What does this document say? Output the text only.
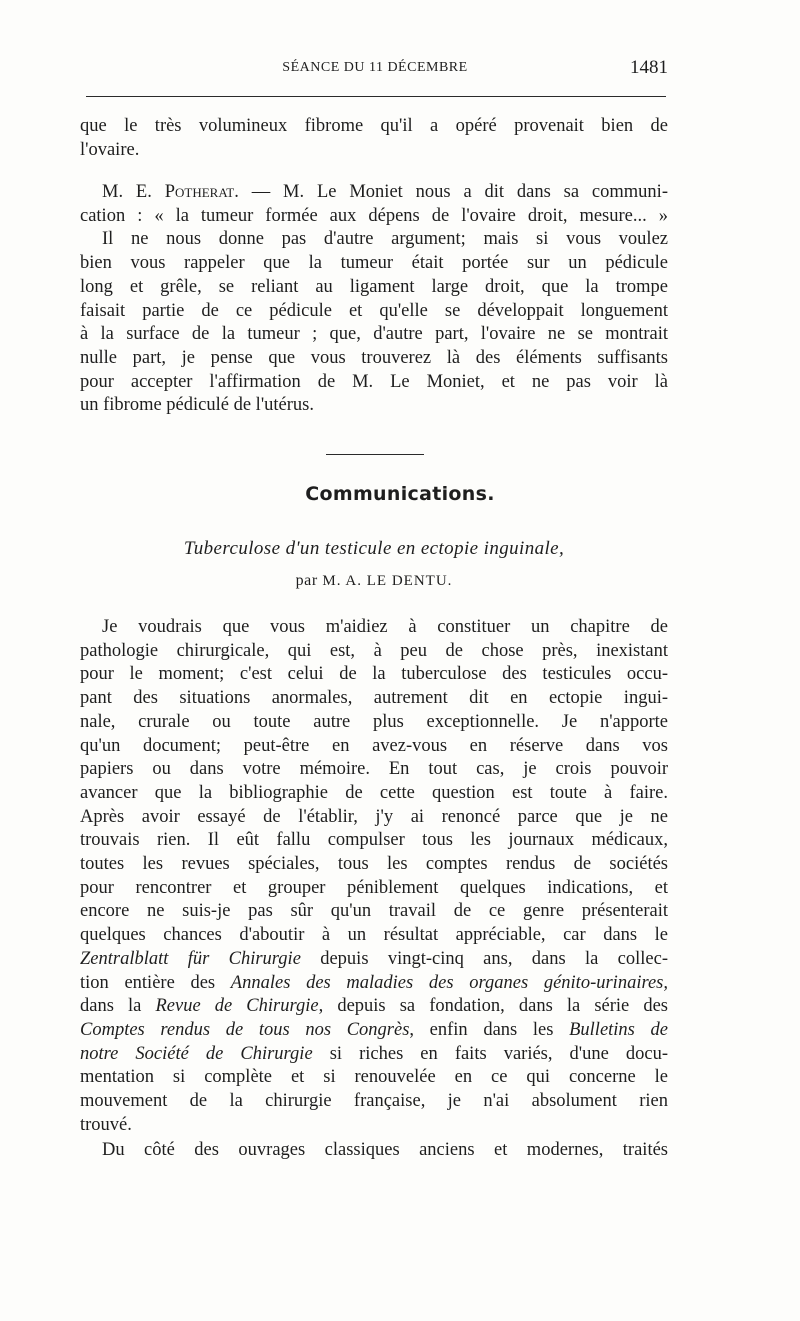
SÉANCE DU 11 DÉCEMBRE	1481
que le très volumineux fibrome qu'il a opéré provenait bien de
l'ovaire.
M. E. Potherat. — M. Le Moniet nous a dit dans sa communi-
cation : « la tumeur formée aux dépens de l'ovaire droit, mesure... »
Il ne nous donne pas d'autre argument; mais si vous voulez
bien vous rappeler que la tumeur était portée sur un pédicule
long et grêle, se reliant au ligament large droit, que la trompe
faisait partie de ce pédicule et qu'elle se développait longuement
à la surface de la tumeur ; que, d'autre part, l'ovaire ne se montrait
nulle part, je pense que vous trouverez là des éléments suffisants
pour accepter l'affirmation de M. Le Moniet, et ne pas voir là
un fibrome pédiculé de l'utérus.
Communications.
Tuberculose d'un testicule en ectopie inguinale,
par M. A. LE DENTU.
Je voudrais que vous m'aidiez à constituer un chapitre de
pathologie chirurgicale, qui est, à peu de chose près, inexistant
pour le moment; c'est celui de la tuberculose des testicules occu-
pant des situations anormales, autrement dit en ectopie ingui-
nale, crurale ou toute autre plus exceptionnelle. Je n'apporte
qu'un document; peut-être en avez-vous en réserve dans vos
papiers ou dans votre mémoire. En tout cas, je crois pouvoir
avancer que la bibliographie de cette question est toute à faire.
Après avoir essayé de l'établir, j'y ai renoncé parce que je ne
trouvais rien. Il eût fallu compulser tous les journaux médicaux,
toutes les revues spéciales, tous les comptes rendus de sociétés
pour rencontrer et grouper péniblement quelques indications, et
encore ne suis-je pas sûr qu'un travail de ce genre présenterait
quelques chances d'aboutir à un résultat appréciable, car dans le
Zentralblatt für Chirurgie depuis vingt-cinq ans, dans la collec-
tion entière des Annales des maladies des organes génito-urinaires,
dans la Revue de Chirurgie, depuis sa fondation, dans la série des
Comptes rendus de tous nos Congrès, enfin dans les Bulletins de
notre Société de Chirurgie si riches en faits variés, d'une docu-
mentation si complète et si renouvelée en ce qui concerne le
mouvement de la chirurgie française, je n'ai absolument rien
trouvé.
Du côté des ouvrages classiques anciens et modernes, traités
